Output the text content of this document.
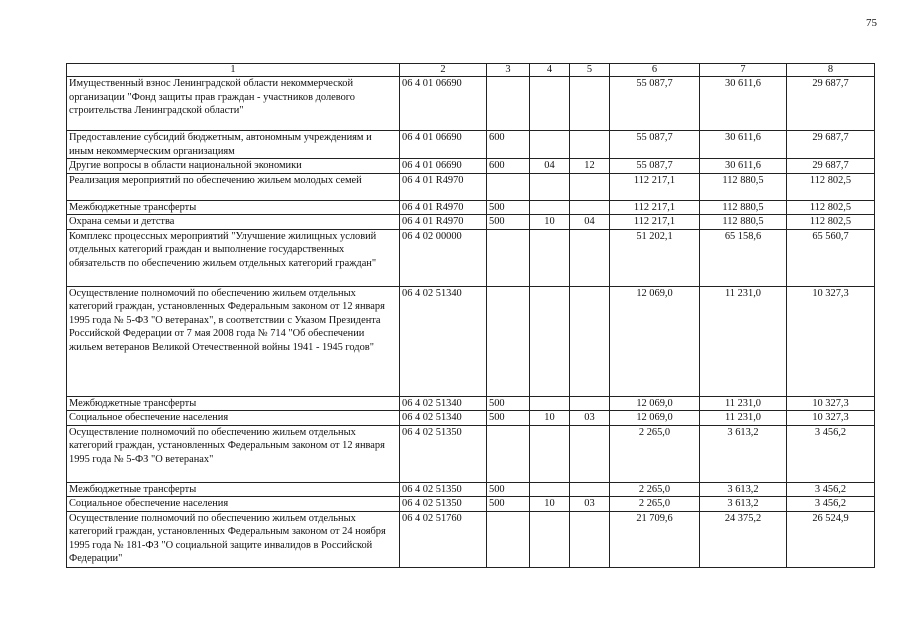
75
1	2	3	4	5	6	7	8
Имущественный взнос Ленинградской области некоммерческой организации "Фонд защиты прав граждан - участников долевого строительства Ленинградской области"	06 4 01 06690				55 087,7	30 611,6	29 687,7
Предоставление субсидий бюджетным, автономным учреждениям и иным некоммерческим организациям	06 4 01 06690	600			55 087,7	30 611,6	29 687,7
Другие вопросы в области национальной экономики	06 4 01 06690	600	04	12	55 087,7	30 611,6	29 687,7
Реализация мероприятий по обеспечению жильем молодых семей	06 4 01 R4970				112 217,1	112 880,5	112 802,5
Межбюджетные трансферты	06 4 01 R4970	500			112 217,1	112 880,5	112 802,5
Охрана семьи и детства	06 4 01 R4970	500	10	04	112 217,1	112 880,5	112 802,5
Комплекс процессных мероприятий "Улучшение жилищных условий отдельных категорий граждан и выполнение государственных обязательств по обеспечению жильем отдельных категорий граждан"	06 4 02 00000				51 202,1	65 158,6	65 560,7
Осуществление полномочий по обеспечению жильем отдельных категорий граждан, установленных Федеральным законом от 12 января 1995 года № 5-ФЗ "О ветеранах", в соответствии с Указом Президента Российской Федерации от 7 мая 2008 года № 714 "Об обеспечении жильем ветеранов Великой Отечественной войны 1941 - 1945 годов"	06 4 02 51340				12 069,0	11 231,0	10 327,3
Межбюджетные трансферты	06 4 02 51340	500			12 069,0	11 231,0	10 327,3
Социальное обеспечение населения	06 4 02 51340	500	10	03	12 069,0	11 231,0	10 327,3
Осуществление полномочий по обеспечению жильем отдельных категорий граждан, установленных Федеральным законом от 12 января 1995 года № 5-ФЗ "О ветеранах"	06 4 02 51350				2 265,0	3 613,2	3 456,2
Межбюджетные трансферты	06 4 02 51350	500			2 265,0	3 613,2	3 456,2
Социальное обеспечение населения	06 4 02 51350	500	10	03	2 265,0	3 613,2	3 456,2
Осуществление полномочий по обеспечению жильем отдельных категорий граждан, установленных Федеральным законом от 24 ноября 1995 года № 181-ФЗ "О социальной защите инвалидов в Российской Федерации"	06 4 02 51760				21 709,6	24 375,2	26 524,9
